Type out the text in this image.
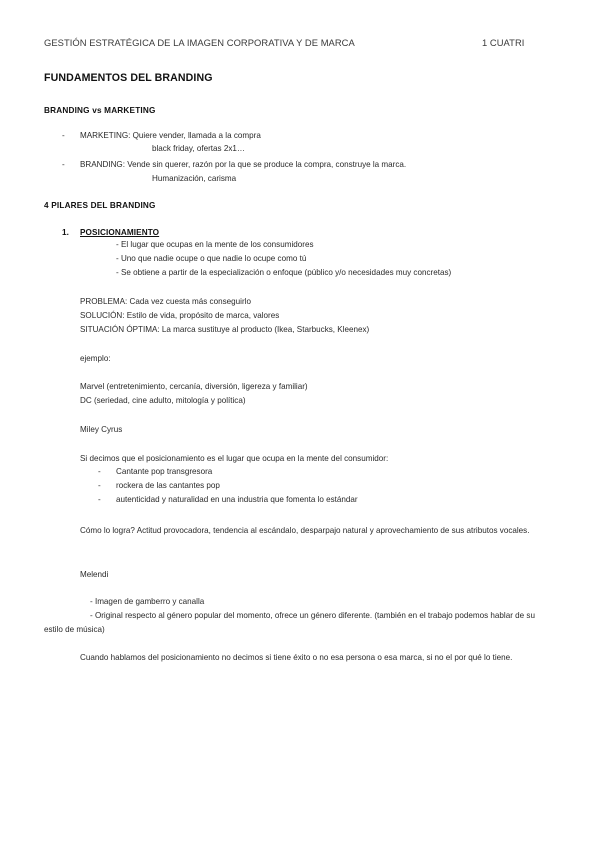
GESTIÓN ESTRATÉGICA DE LA IMAGEN CORPORATIVA Y DE MARCA	1 CUATRI
FUNDAMENTOS DEL BRANDING
BRANDING vs MARKETING
- MARKETING: Quiere vender, llamada a la compra
black friday, ofertas 2x1…
- BRANDING: Vende sin querer, razón por la que se produce la compra, construye la marca.
Humanización, carisma
4 PILARES DEL BRANDING
1. POSICIONAMIENTO
- El lugar que ocupas en la mente de los consumidores
- Uno que nadie ocupe o que nadie lo ocupe como tú
- Se obtiene a partir de la especialización o enfoque (público y/o necesidades muy concretas)
PROBLEMA: Cada vez cuesta más conseguirlo
SOLUCIÓN: Estilo de vida, propósito de marca, valores
SITUACIÓN ÓPTIMA: La marca sustituye al producto (Ikea, Starbucks, Kleenex)
ejemplo:
Marvel (entretenimiento, cercanía, diversión, ligereza y familiar)
DC (seriedad, cine adulto, mitología y política)
Miley Cyrus
Si decimos que el posicionamiento es el lugar que ocupa en la mente del consumidor:
- Cantante pop transgresora
- rockera de las cantantes pop
- autenticidad y naturalidad en una industria que fomenta lo estándar
Cómo lo logra? Actitud provocadora, tendencia al escándalo, desparpajo natural y aprovechamiento de sus atributos vocales.
Melendi
- Imagen de gamberro y canalla
- Original respecto al género popular del momento, ofrece un género diferente. (también en el trabajo podemos hablar de su estilo de música)
Cuando hablamos del posicionamiento no decimos si tiene éxito o no esa persona o esa marca, si no el por qué lo tiene.
